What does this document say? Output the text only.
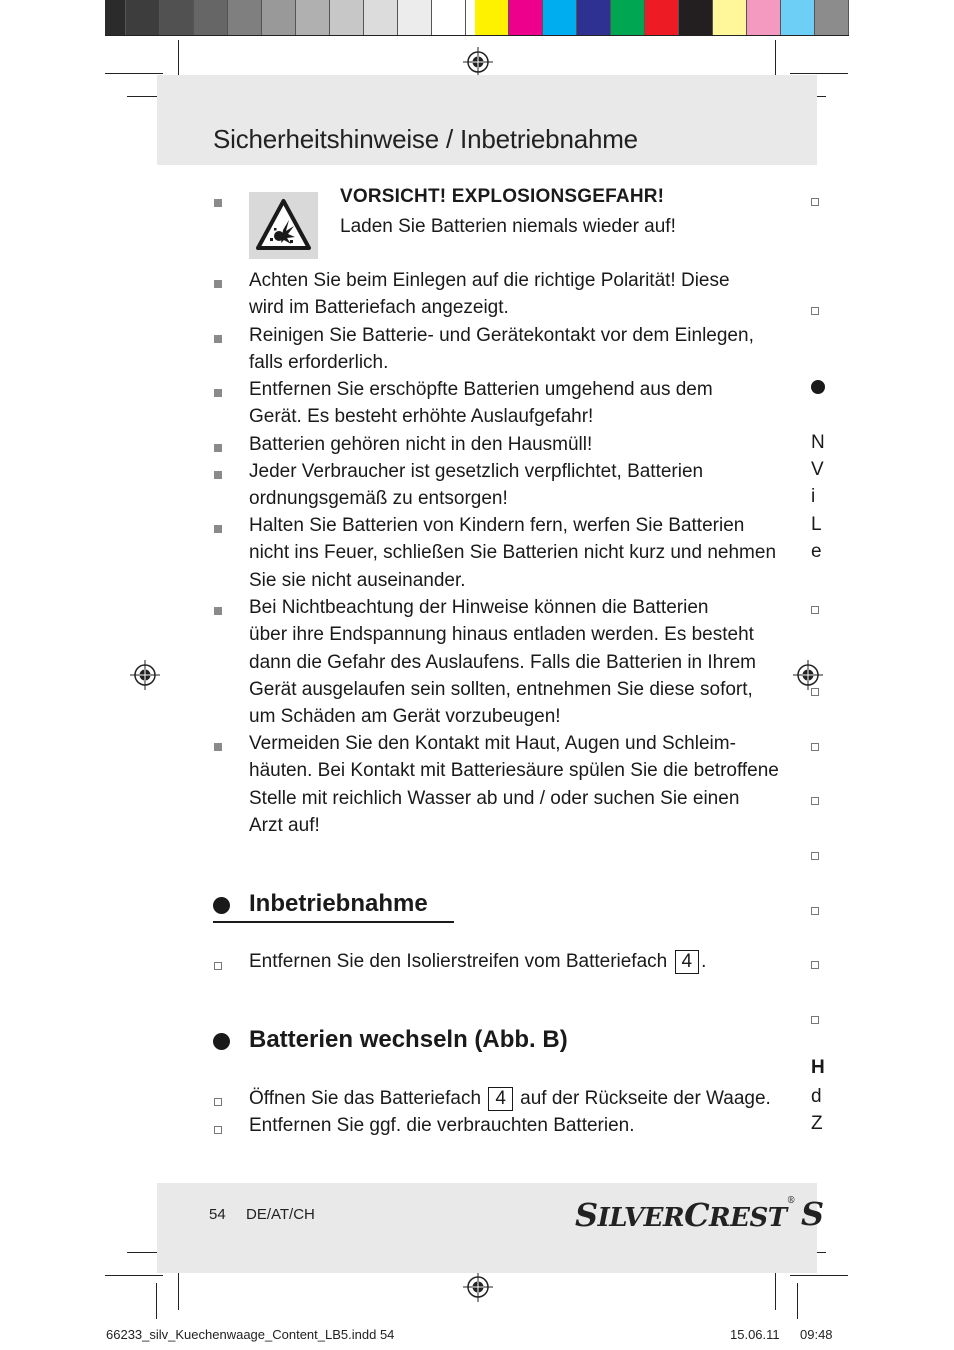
Sicherheitshinweise / Inbetriebnahme
VORSICHT! EXPLOSIONSGEFAHR!
Laden Sie Batterien niemals wieder auf!
Achten Sie beim Einlegen auf die richtige Polarität! Diese
wird im Batteriefach angezeigt.
Reinigen Sie Batterie- und Gerätekontakt vor dem Einlegen,
falls erforderlich.
Entfernen Sie erschöpfte Batterien umgehend aus dem
Gerät. Es besteht erhöhte Auslaufgefahr!
Batterien gehören nicht in den Hausmüll!
Jeder Verbraucher ist gesetzlich verpflichtet, Batterien
ordnungsgemäß zu entsorgen!
Halten Sie Batterien von Kindern fern, werfen Sie Batterien
nicht ins Feuer, schließen Sie Batterien nicht kurz und nehmen
Sie sie nicht auseinander.
Bei Nichtbeachtung der Hinweise können die Batterien
über ihre Endspannung hinaus entladen werden. Es besteht
dann die Gefahr des Auslaufens. Falls die Batterien in Ihrem
Gerät ausgelaufen sein sollten, entnehmen Sie diese sofort,
um Schäden am Gerät vorzubeugen!
Vermeiden Sie den Kontakt mit Haut, Augen und Schleim-
häuten. Bei Kontakt mit Batteriesäure spülen Sie die betroffene
Stelle mit reichlich Wasser ab und / oder suchen Sie einen
Arzt auf!
Inbetriebnahme
Entfernen Sie den Isolierstreifen vom Batteriefach 4 .
Batterien wechseln (Abb. B)
Öffnen Sie das Batteriefach 4 auf der Rückseite der Waage.
Entfernen Sie ggf. die verbrauchten Batterien.
N
V
i
L
e
H
d
Z
54 DE/AT/CH	SILVERCREST® S
66233_silv_Kuechenwaage_Content_LB5.indd 54	15.06.11 09:48
